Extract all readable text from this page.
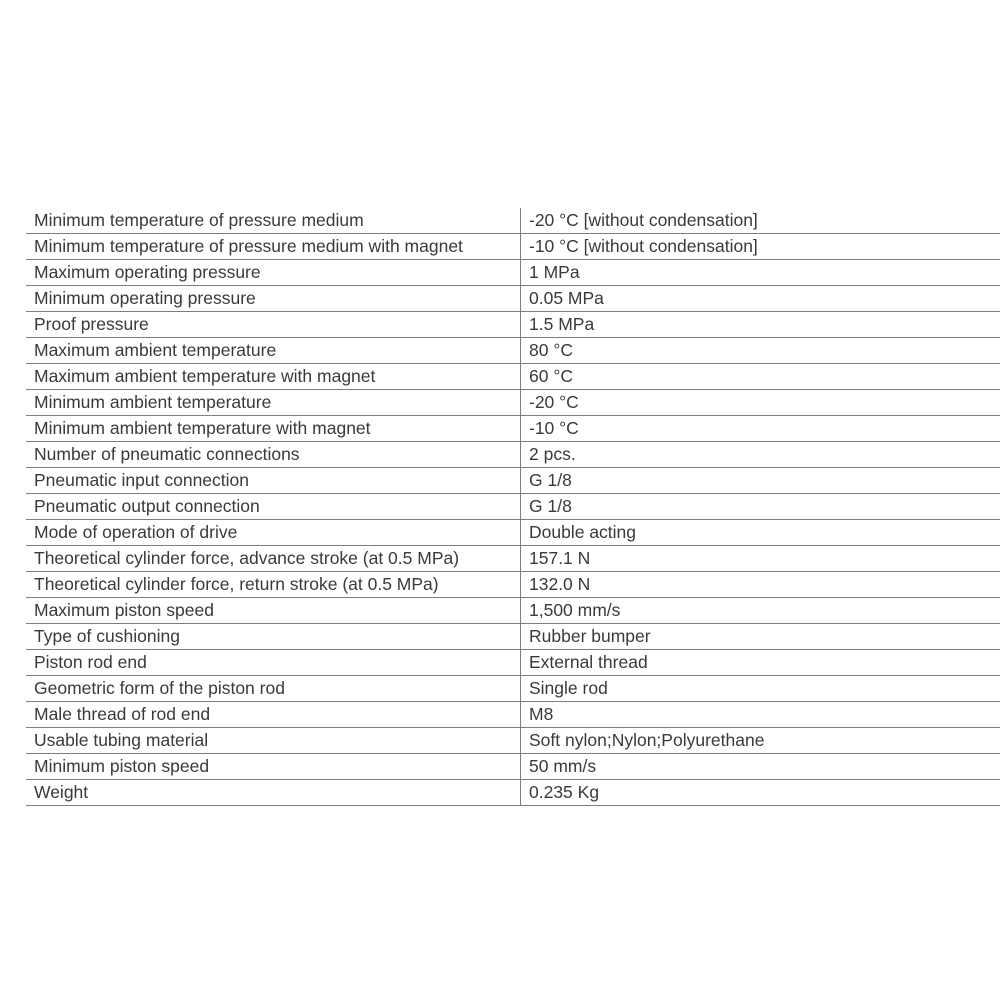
Minimum temperature of pressure medium	-20 °C [without condensation]
Minimum temperature of pressure medium with magnet	-10 °C [without condensation]
Maximum operating pressure	1 MPa
Minimum operating pressure	0.05 MPa
Proof pressure	1.5 MPa
Maximum ambient temperature	80 °C
Maximum ambient temperature with magnet	60 °C
Minimum ambient temperature	-20 °C
Minimum ambient temperature with magnet	-10 °C
Number of pneumatic connections	2 pcs.
Pneumatic input connection	G 1/8
Pneumatic output connection	G 1/8
Mode of operation of drive	Double acting
Theoretical cylinder force, advance stroke (at 0.5 MPa)	157.1 N
Theoretical cylinder force, return stroke (at 0.5 MPa)	132.0 N
Maximum piston speed	1,500 mm/s
Type of cushioning	Rubber bumper
Piston rod end	External thread
Geometric form of the piston rod	Single rod
Male thread of rod end	M8
Usable tubing material	Soft nylon;Nylon;Polyurethane
Minimum piston speed	50 mm/s
Weight	0.235 Kg
